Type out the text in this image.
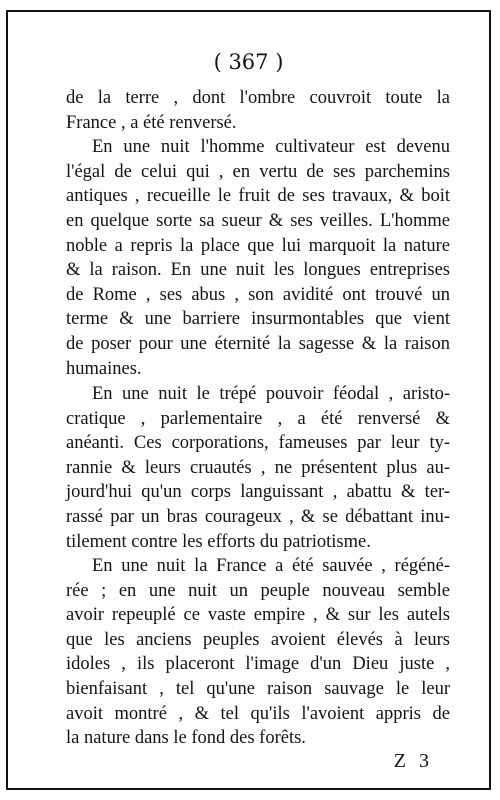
( 367 )

de la terre , dont l'ombre couvroit toute la
France , a été renversé.

En une nuit l'homme cultivateur est devenu
l'égal de celui qui , en vertu de ses parchemins
antiques , recueille le fruit de ses travaux, & boit
en quelque sorte sa sueur & ses veilles. L'homme
noble a repris la place que lui marquoit la nature
& la raison. En une nuit les longues entreprises
de Rome , ses abus , son avidité ont trouvé un
terme & une barriere insurmontables que vient
de poser pour une éternité la sagesse & la raison
humaines.

En une nuit le trépé pouvoir féodal , aristo-
cratique , parlementaire , a été renversé &
anéanti. Ces corporations, fameuses par leur ty-
rannie & leurs cruautés , ne présentent plus au-
jourd'hui qu'un corps languissant , abattu & ter-
rassé par un bras courageux , & se débattant inu-
tilement contre les efforts du patriotisme.

En une nuit la France a été sauvée , régéné-
rée ; en une nuit un peuple nouveau semble
avoir repeuplé ce vaste empire , & sur les autels
que les anciens peuples avoient élevés à leurs
idoles , ils placeront l'image d'un Dieu juste ,
bienfaisant , tel qu'une raison sauvage le leur
avoit montré , & tel qu'ils l'avoient appris de
la nature dans le fond des forêts.

Z 3
